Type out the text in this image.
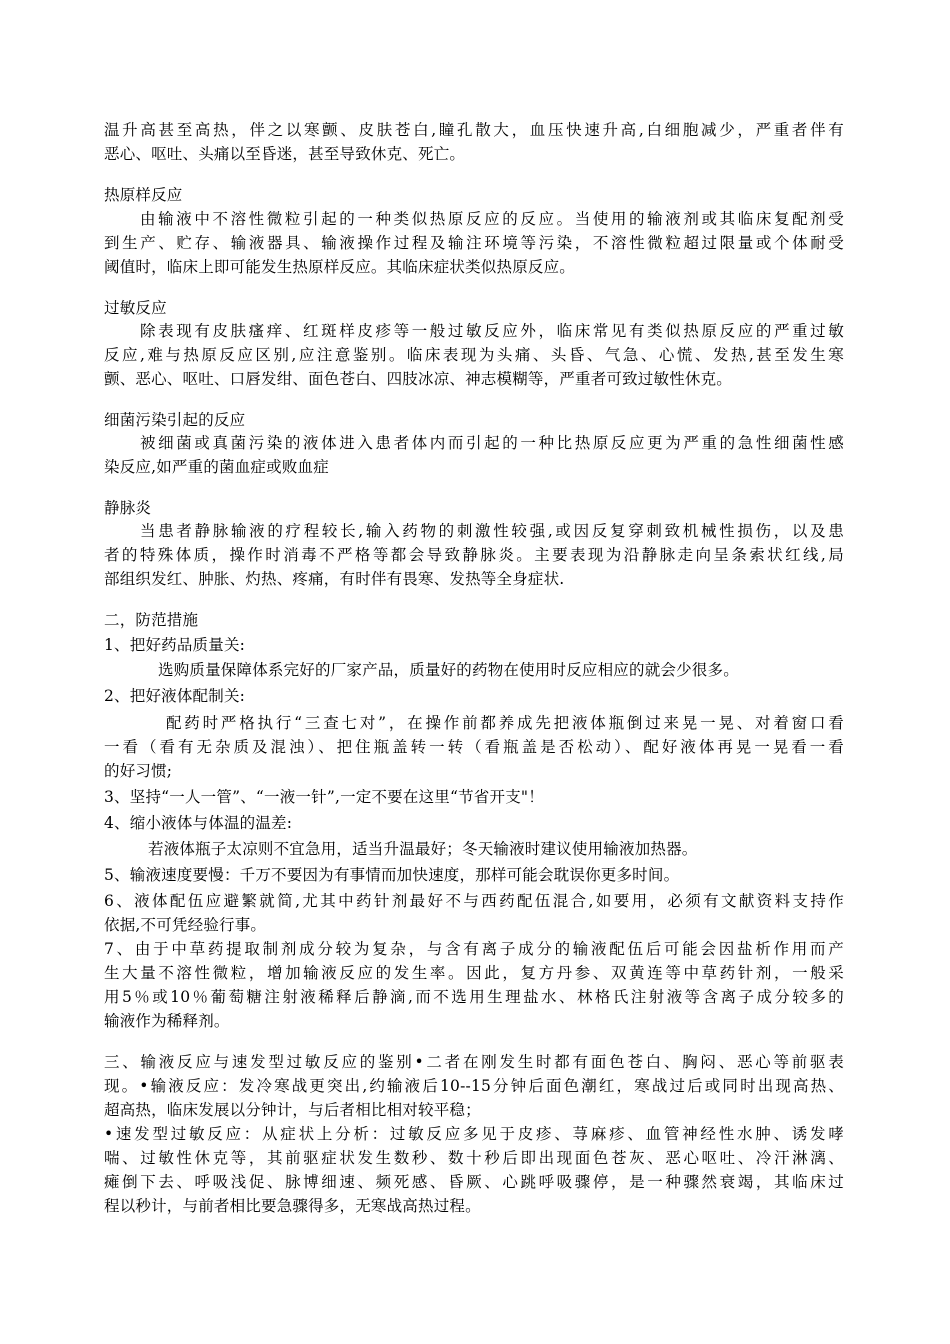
温升高甚至高热，伴之以寒颤、皮肤苍白,瞳孔散大，血压快速升高,白细胞减少，严重者伴有
恶心、呕吐、头痛以至昏迷，甚至导致休克、死亡。
热原样反应
由输液中不溶性微粒引起的一种类似热原反应的反应。当使用的输液剂或其临床复配剂受
到生产、贮存、输液器具、输液操作过程及输注环境等污染，不溶性微粒超过限量或个体耐受
阈值时，临床上即可能发生热原样反应。其临床症状类似热原反应。
过敏反应
除表现有皮肤瘙痒、红斑样皮疹等一般过敏反应外，临床常见有类似热原反应的严重过敏
反应,难与热原反应区别,应注意鉴别。临床表现为头痛、头昏、气急、心慌、发热,甚至发生寒
颤、恶心、呕吐、口唇发绀、面色苍白、四肢冰凉、神志模糊等，严重者可致过敏性休克。
细菌污染引起的反应
被细菌或真菌污染的液体进入患者体内而引起的一种比热原反应更为严重的急性细菌性感
染反应,如严重的菌血症或败血症
静脉炎
当患者静脉输液的疗程较长,输入药物的刺激性较强,或因反复穿刺致机械性损伤，以及患
者的特殊体质，操作时消毒不严格等都会导致静脉炎。主要表现为沿静脉走向呈条索状红线,局
部组织发红、肿胀、灼热、疼痛，有时伴有畏寒、发热等全身症状.
二，防范措施
1、把好药品质量关:
选购质量保障体系完好的厂家产品，质量好的药物在使用时反应相应的就会少很多。
2、把好液体配制关:
配药时严格执行“三查七对”，在操作前都养成先把液体瓶倒过来晃一晃、对着窗口看
一看（看有无杂质及混浊）、把住瓶盖转一转（看瓶盖是否松动）、配好液体再晃一晃看一看
的好习惯;
3、坚持“一人一管”、“一液一针”,一定不要在这里“节省开支"！
4、缩小液体与体温的温差:
若液体瓶子太凉则不宜急用，适当升温最好；冬天输液时建议使用输液加热器。
5、输液速度要慢：千万不要因为有事情而加快速度，那样可能会耽误你更多时间。
6、液体配伍应避繁就简,尤其中药针剂最好不与西药配伍混合,如要用，必须有文献资料支持作
依据,不可凭经验行事。
7、由于中草药提取制剂成分较为复杂，与含有离子成分的输液配伍后可能会因盐析作用而产
生大量不溶性微粒，增加输液反应的发生率。因此，复方丹参、双黄连等中草药针剂，一般采
用5％或10％葡萄糖注射液稀释后静滴,而不选用生理盐水、林格氏注射液等含离子成分较多的
输液作为稀释剂。
三、输液反应与速发型过敏反应的鉴别•二者在刚发生时都有面色苍白、胸闷、恶心等前驱表
现。•输液反应：发冷寒战更突出,约输液后10--15分钟后面色潮红，寒战过后或同时出现高热、
超高热，临床发展以分钟计，与后者相比相对较平稳；
•速发型过敏反应：从症状上分析：过敏反应多见于皮疹、荨麻疹、血管神经性水肿、诱发哮
喘、过敏性休克等，其前驱症状发生数秒、数十秒后即出现面色苍灰、恶心呕吐、冷汗淋漓、
瘫倒下去、呼吸浅促、脉博细速、频死感、昏厥、心跳呼吸骤停，是一种骤然衰竭，其临床过
程以秒计，与前者相比要急骤得多，无寒战高热过程。
